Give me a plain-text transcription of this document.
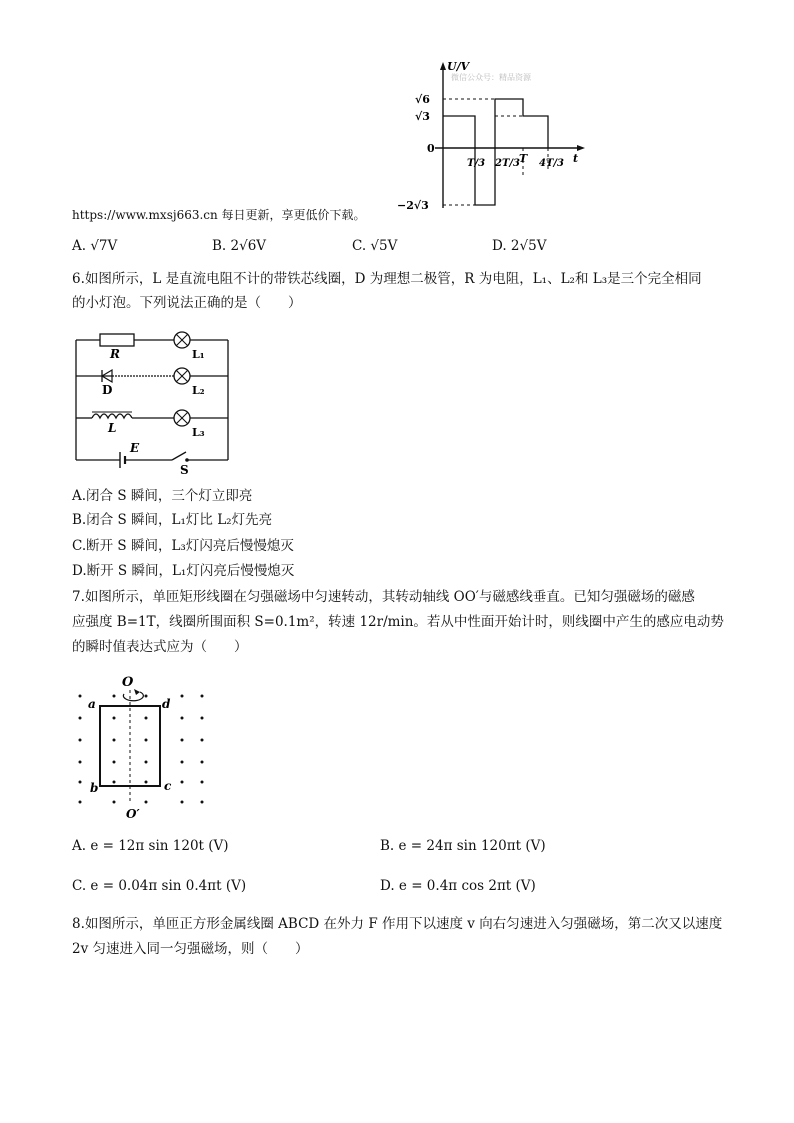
微信公众号：精品资源
U/V
√6
√3
0
−2√3
T/3 2T/3
T 4T/3 t
https://www.mxsj663.cn 每日更新，享更低价下载。
A. √7V	B. 2√6V	C. √5V	D. 2√5V
6.如图所示，L 是直流电阻不计的带铁芯线圈，D 为理想二极管，R 为电阻，L₁、L₂和 L₃是三个完全相同
的小灯泡。下列说法正确的是（　　）
R	L₁
D	L₂
L	L₃
E
S
A.闭合 S 瞬间，三个灯立即亮
B.闭合 S 瞬间，L₁灯比 L₂灯先亮
C.断开 S 瞬间，L₃灯闪亮后慢慢熄灭
D.断开 S 瞬间，L₁灯闪亮后慢慢熄灭
7.如图所示，单匝矩形线圈在匀强磁场中匀速转动，其转动轴线 OO′与磁感线垂直。已知匀强磁场的磁感
应强度 B=1T，线圈所围面积 S=0.1m²，转速 12r/min。若从中性面开始计时，则线圈中产生的感应电动势
的瞬时值表达式应为（　　）
O
O′
a
b	c
d
A. e = 12π sin 120t (V)	B. e = 24π sin 120πt (V)
C. e = 0.04π sin 0.4πt (V)	D. e = 0.4π cos 2πt (V)
8.如图所示，单匝正方形金属线圈 ABCD 在外力 F 作用下以速度 v 向右匀速进入匀强磁场，第二次又以速度
2v 匀速进入同一匀强磁场，则（　　）
